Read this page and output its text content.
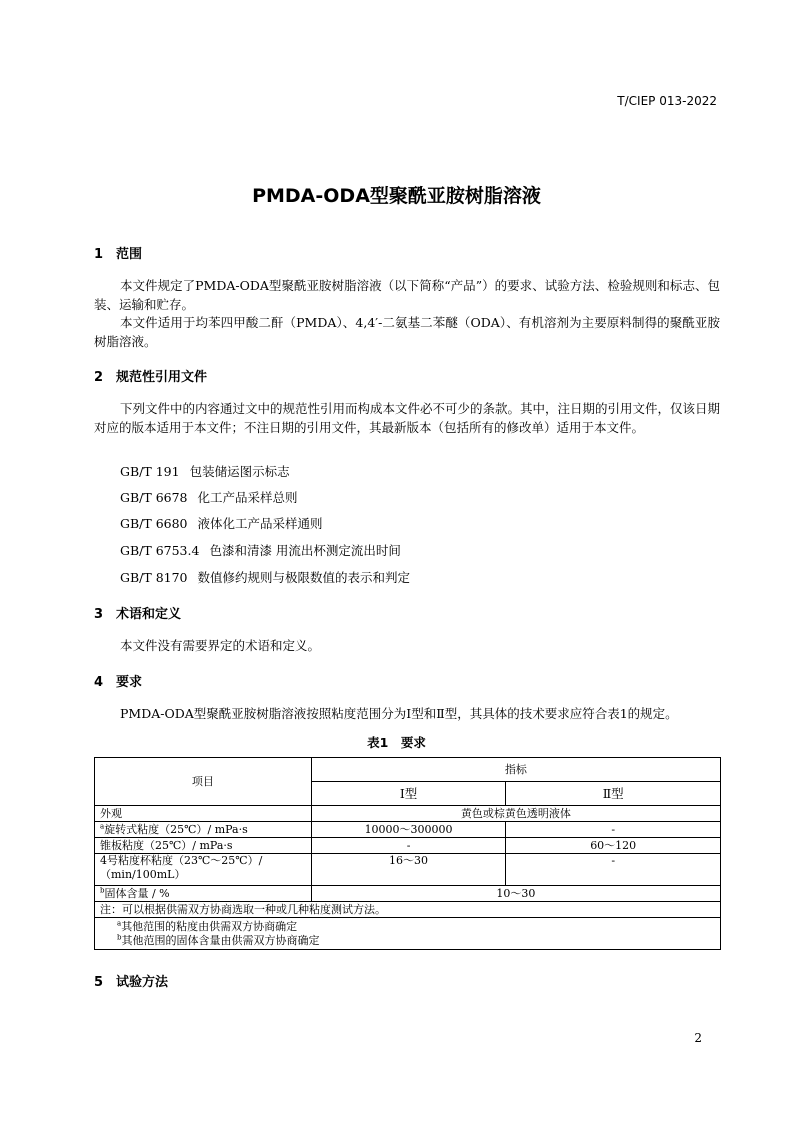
T/CIEP 013-2022
PMDA-ODA型聚酰亚胺树脂溶液
1 范围
本文件规定了PMDA-ODA型聚酰亚胺树脂溶液（以下简称“产品”）的要求、试验方法、检验规则和标志、包装、运输和贮存。
本文件适用于均苯四甲酸二酐（PMDA）、4,4′-二氨基二苯醚（ODA）、有机溶剂为主要原料制得的聚酰亚胺树脂溶液。
2 规范性引用文件
下列文件中的内容通过文中的规范性引用而构成本文件必不可少的条款。其中，注日期的引用文件，仅该日期对应的版本适用于本文件；不注日期的引用文件，其最新版本（包括所有的修改单）适用于本文件。
GB/T 191 包装储运图示标志
GB/T 6678 化工产品采样总则
GB/T 6680 液体化工产品采样通则
GB/T 6753.4 色漆和清漆 用流出杯测定流出时间
GB/T 8170 数值修约规则与极限数值的表示和判定
3 术语和定义
本文件没有需要界定的术语和定义。
4 要求
PMDA-ODA型聚酰亚胺树脂溶液按照粘度范围分为I型和Ⅱ型，其具体的技术要求应符合表1的规定。
表1　要求
项目	指标	
	Ⅰ型	Ⅱ型
外观	黄色或棕黄色透明液体	
$^a$旋转式粘度（25℃）/ mPa·s	10000～300000	-
锥板粘度（25℃）/ mPa·s	-	60～120
4号粘度杯粘度（23℃～25℃）/（min/100mL）	16～30	-
$^b$固体含量 / %	10～30	
注：可以根据供需双方协商选取一种或几种粘度测试方法。		

$^a$其他范围的粘度由供需双方协商确定
$^b$其他范围的固体含量由供需双方协商确定		
5 试验方法
2
